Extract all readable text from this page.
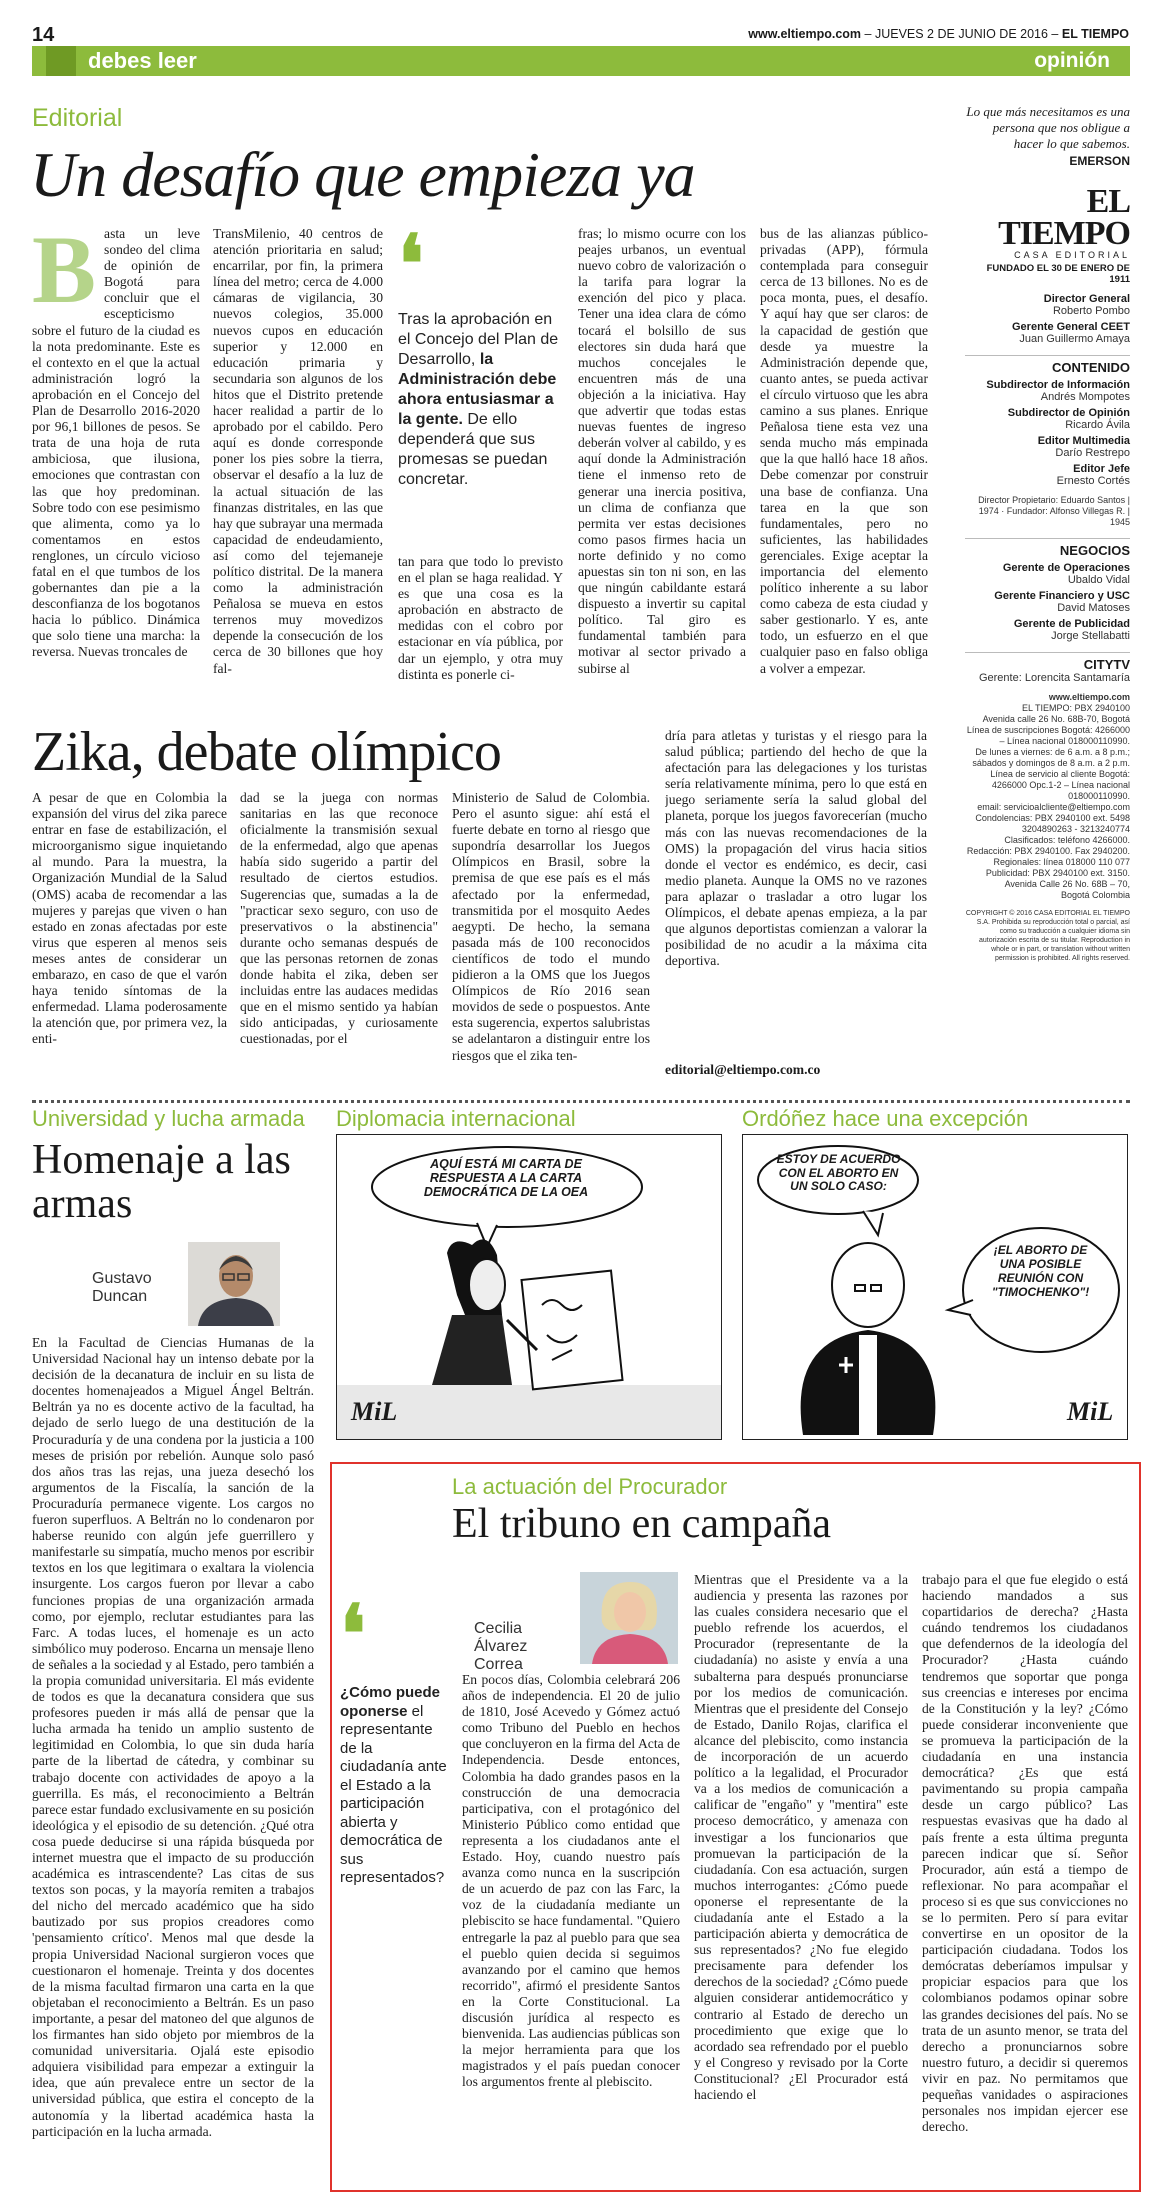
14	www.eltiempo.com – JUEVES 2 DE JUNIO DE 2016 – EL TIEMPO
debes leer	opinión
Editorial
Un desafío que empieza ya
Basta un leve sondeo del clima de opinión de Bogotá para concluir que el escepticismo sobre el futuro de la ciudad es la nota predominante. Este es el contexto en el que la actual administración logró la aprobación en el Concejo del Plan de Desarrollo 2016-2020 por 96,1 billones de pesos. Se trata de una hoja de ruta ambiciosa, que ilusiona, emociones que contrastan con las que hoy predominan. Sobre todo con ese pesimismo que alimenta, como ya lo comentamos en estos renglones, un círculo vicioso fatal en el que tumbos de los gobernantes dan pie a la desconfianza de los bogotanos hacia lo público. Dinámica que solo tiene una marcha: la reversa. Nuevas troncales de
TransMilenio, 40 centros de atención prioritaria en salud; encarrilar, por fin, la primera línea del metro; cerca de 4.000 cámaras de vigilancia, 30 nuevos colegios, 35.000 nuevos cupos en educación superior y 12.000 en educación primaria y secundaria son algunos de los hitos que el Distrito pretende hacer realidad a partir de lo aprobado por el cabildo. Pero aquí es donde corresponde poner los pies sobre la tierra, observar el desafío a la luz de la actual situación de las finanzas distritales, en las que hay que subrayar una mermada capacidad de endeudamiento, así como del tejemaneje político distrital. De la manera como la administración Peñalosa se mueva en estos terrenos muy movedizos depende la consecución de los cerca de 30 billones que hoy fal-
❛
Tras la aprobación en el Concejo del Plan de Desarrollo, la Administración debe ahora entusiasmar a la gente. De ello dependerá que sus promesas se puedan concretar.
tan para que todo lo previsto en el plan se haga realidad. Y es que una cosa es la aprobación en abstracto de medidas con el cobro por estacionar en vía pública, por dar un ejemplo, y otra muy distinta es ponerle ci-
fras; lo mismo ocurre con los peajes urbanos, un eventual nuevo cobro de valorización o la tarifa para lograr la exención del pico y placa. Tener una idea clara de cómo tocará el bolsillo de sus electores sin duda hará que muchos concejales le encuentren más de una objeción a la iniciativa. Hay que advertir que todas estas nuevas fuentes de ingreso deberán volver al cabildo, y es aquí donde la Administración tiene el inmenso reto de generar una inercia positiva, un clima de confianza que permita ver estas decisiones como pasos firmes hacia un norte definido y no como apuestas sin ton ni son, en las que ningún cabildante estará dispuesto a invertir su capital político. Tal giro es fundamental también para motivar al sector privado a subirse al
bus de las alianzas público-privadas (APP), fórmula contemplada para conseguir cerca de 13 billones. No es de poca monta, pues, el desafío. Y aquí hay que ser claros: de la capacidad de gestión que desde ya muestre la Administración depende que, cuanto antes, se pueda activar el círculo virtuoso que les abra camino a sus planes. Enrique Peñalosa tiene esta vez una senda mucho más empinada que la que halló hace 18 años. Debe comenzar por construir una base de confianza. Una tarea en la que son fundamentales, pero no suficientes, las habilidades gerenciales. Exige aceptar la importancia del elemento político inherente a su labor como cabeza de esta ciudad y saber gestionarlo. Y es, ante todo, un esfuerzo en el que cualquier paso en falso obliga a volver a empezar.
Lo que más necesitamos es una persona que nos obligue a hacer lo que sabemos.
EMERSON
EL TIEMPO
CASA EDITORIAL
FUNDADO EL 30 DE ENERO DE 1911
Director General
Roberto Pombo
Gerente General CEET
Juan Guillermo Amaya
CONTENIDO
Subdirector de Información
Andrés Mompotes
Subdirector de Opinión
Ricardo Ávila
Editor Multimedia
Darío Restrepo
Editor Jefe
Ernesto Cortés
Director Propietario: Eduardo Santos | 1974 · Fundador: Alfonso Villegas R. | 1945
NEGOCIOS
Gerente de Operaciones
Ubaldo Vidal
Gerente Financiero y USC
David Matoses
Gerente de Publicidad
Jorge Stellabatti
CITYTV
Gerente: Lorencita Santamaría
www.eltiempo.com
EL TIEMPO: PBX 2940100
Avenida calle 26 No. 68B-70, Bogotá
Línea de suscripciones Bogotá: 4266000 – Línea nacional 018000110990.
De lunes a viernes: de 6 a.m. a 8 p.m.; sábados y domingos de 8 a.m. a 2 p.m.
Línea de servicio al cliente Bogotá: 4266000 Opc.1-2 – Línea nacional 018000110990.
email: servicioalcliente@eltiempo.com
Condolencias: PBX 2940100 ext. 5498
3204890263 - 3213240774
Clasificados: teléfono 4266000.
Redacción: PBX 2940100. Fax 2940200.
Regionales: línea 018000 110 077
Publicidad: PBX 2940100 ext. 3150.
Avenida Calle 26 No. 68B – 70,
Bogotá Colombia
COPYRIGHT © 2016 CASA EDITORIAL EL TIEMPO S.A. Prohibida su reproducción total o parcial, así como su traducción a cualquier idioma sin autorización escrita de su titular. Reproduction in whole or in part, or translation without written permission is prohibited. All rights reserved.
Zika, debate olímpico
A pesar de que en Colombia la expansión del virus del zika parece entrar en fase de estabilización, el microorganismo sigue inquietando al mundo. Para la muestra, la Organización Mundial de la Salud (OMS) acaba de recomendar a las mujeres y parejas que viven o han estado en zonas afectadas por este virus que esperen al menos seis meses antes de considerar un embarazo, en caso de que el varón haya tenido síntomas de la enfermedad. Llama poderosamente la atención que, por primera vez, la enti-
dad se la juega con normas sanitarias en las que reconoce oficialmente la transmisión sexual de la enfermedad, algo que apenas había sido sugerido a partir del resultado de ciertos estudios. Sugerencias que, sumadas a la de "practicar sexo seguro, con uso de preservativos o la abstinencia" durante ocho semanas después de que las personas retornen de zonas donde habita el zika, deben ser incluidas entre las audaces medidas que en el mismo sentido ya habían sido anticipadas, y curiosamente cuestionadas, por el
Ministerio de Salud de Colombia. Pero el asunto sigue: ahí está el fuerte debate en torno al riesgo que supondría desarrollar los Juegos Olímpicos en Brasil, sobre la premisa de que ese país es el más afectado por la enfermedad, transmitida por el mosquito Aedes aegypti. De hecho, la semana pasada más de 100 reconocidos científicos de todo el mundo pidieron a la OMS que los Juegos Olímpicos de Río 2016 sean movidos de sede o pospuestos. Ante esta sugerencia, expertos salubristas se adelantaron a distinguir entre los riesgos que el zika ten-
dría para atletas y turistas y el riesgo para la salud pública; partiendo del hecho de que la afectación para las delegaciones y los turistas sería relativamente mínima, pero lo que está en juego seriamente sería la salud global del planeta, porque los juegos favorecerían (mucho más con las nuevas recomendaciones de la OMS) la propagación del virus hacia sitios donde el vector es endémico, es decir, casi medio planeta. Aunque la OMS no ve razones para aplazar o trasladar a otro lugar los Olímpicos, el debate apenas empieza, a la par que algunos deportistas comienzan a valorar la posibilidad de no acudir a la máxima cita deportiva.
editorial@eltiempo.com.co
Universidad y lucha armada
Homenaje a las armas
Gustavo Duncan
En la Facultad de Ciencias Humanas de la Universidad Nacional hay un intenso debate por la decisión de la decanatura de incluir en su lista de docentes homenajeados a Miguel Ángel Beltrán. Beltrán ya no es docente activo de la facultad, ha dejado de serlo luego de una destitución de la Procuraduría y de una condena por la justicia a 100 meses de prisión por rebelión. Aunque solo pasó dos años tras las rejas, una jueza desechó los argumentos de la Fiscalía, la sanción de la Procuraduría permanece vigente. Los cargos no fueron superfluos. A Beltrán no lo condenaron por haberse reunido con algún jefe guerrillero y manifestarle su simpatía, mucho menos por escribir textos en los que legitimara o exaltara la violencia insurgente. Los cargos fueron por llevar a cabo funciones propias de una organización armada como, por ejemplo, reclutar estudiantes para las Farc. A todas luces, el homenaje es un acto simbólico muy poderoso. Encarna un mensaje lleno de señales a la sociedad y al Estado, pero también a la propia comunidad universitaria. El más evidente de todos es que la decanatura considera que sus profesores pueden ir más allá de pensar que la lucha armada ha tenido un amplio sustento de legitimidad en Colombia, lo que sin duda haría parte de la libertad de cátedra, y combinar su trabajo docente con actividades de apoyo a la guerrilla. Es más, el reconocimiento a Beltrán parece estar fundado exclusivamente en su posición ideológica y el episodio de su detención. ¿Qué otra cosa puede deducirse si una rápida búsqueda por internet muestra que el impacto de su producción académica es intrascendente? Las citas de sus textos son pocas, y la mayoría remiten a trabajos del nicho del mercado académico que ha sido bautizado por sus propios creadores como 'pensamiento crítico'. Menos mal que desde la propia Universidad Nacional surgieron voces que cuestionaron el homenaje. Treinta y dos docentes de la misma facultad firmaron una carta en la que objetaban el reconocimiento a Beltrán. Es un paso importante, a pesar del matoneo del que algunos de los firmantes han sido objeto por miembros de la comunidad universitaria. Ojalá este episodio adquiera visibilidad para empezar a extinguir la idea, que aún prevalece entre un sector de la universidad pública, que estira el concepto de la autonomía y la libertad académica hasta la participación en la lucha armada.
Diplomacia internacional
AQUÍ ESTÁ MI CARTA DE RESPUESTA A LA CARTA DEMOCRÁTICA DE LA OEA
MiL
Ordóñez hace una excepción
ESTOY DE ACUERDO CON EL ABORTO EN UN SOLO CASO:
¡EL ABORTO DE UNA POSIBLE REUNIÓN CON "TIMOCHENKO"!
MiL
La actuación del Procurador
El tribuno en campaña
Cecilia Álvarez Correa
❛
¿Cómo puede oponerse el representante de la ciudadanía ante el Estado a la participación abierta y democrática de sus representados?
En pocos días, Colombia celebrará 206 años de independencia. El 20 de julio de 1810, José Acevedo y Gómez actuó como Tribuno del Pueblo en hechos que concluyeron en la firma del Acta de Independencia. Desde entonces, Colombia ha dado grandes pasos en la construcción de una democracia participativa, con el protagónico del Ministerio Público como entidad que representa a los ciudadanos ante el Estado. Hoy, cuando nuestro país avanza como nunca en la suscripción de un acuerdo de paz con las Farc, la voz de la ciudadanía mediante un plebiscito se hace fundamental. "Quiero entregarle la paz al pueblo para que sea el pueblo quien decida si seguimos avanzando por el camino que hemos recorrido", afirmó el presidente Santos en la Corte Constitucional. La discusión jurídica al respecto es bienvenida. Las audiencias públicas son la mejor herramienta para que los magistrados y el país puedan conocer los argumentos frente al plebiscito.
Mientras que el Presidente va a la audiencia y presenta las razones por las cuales considera necesario que el pueblo refrende los acuerdos, el Procurador (representante de la ciudadanía) no asiste y envía a una subalterna para después pronunciarse por los medios de comunicación. Mientras que el presidente del Consejo de Estado, Danilo Rojas, clarifica el alcance del plebiscito, como instancia de incorporación de un acuerdo político a la legalidad, el Procurador va a los medios de comunicación a calificar de "engaño" y "mentira" este proceso democrático, y amenaza con investigar a los funcionarios que promuevan la participación de la ciudadanía. Con esa actuación, surgen muchos interrogantes: ¿Cómo puede oponerse el representante de la ciudadanía ante el Estado a la participación abierta y democrática de sus representados? ¿No fue elegido precisamente para defender los derechos de la sociedad? ¿Cómo puede alguien considerar antidemocrático y contrario al Estado de derecho un procedimiento que exige que lo acordado sea refrendado por el pueblo y el Congreso y revisado por la Corte Constitucional? ¿El Procurador está haciendo el
trabajo para el que fue elegido o está haciendo mandados a sus copartidarios de derecha? ¿Hasta cuándo tendremos los ciudadanos que defendernos de la ideología del Procurador? ¿Hasta cuándo tendremos que soportar que ponga sus creencias e intereses por encima de la Constitución y la ley? ¿Cómo puede considerar inconveniente que se promueva la participación de la ciudadanía en una instancia democrática? ¿Es que está pavimentando su propia campaña desde un cargo público? Las respuestas evasivas que ha dado al país frente a esta última pregunta parecen indicar que sí. Señor Procurador, aún está a tiempo de reflexionar. No para acompañar el proceso si es que sus convicciones no se lo permiten. Pero sí para evitar convertirse en un opositor de la participación ciudadana. Todos los demócratas deberíamos impulsar y propiciar espacios para que los colombianos podamos opinar sobre las grandes decisiones del país. No se trata de un asunto menor, se trata del derecho a pronunciarnos sobre nuestro futuro, a decidir si queremos vivir en paz. No permitamos que pequeñas vanidades o aspiraciones personales nos impidan ejercer ese derecho.
